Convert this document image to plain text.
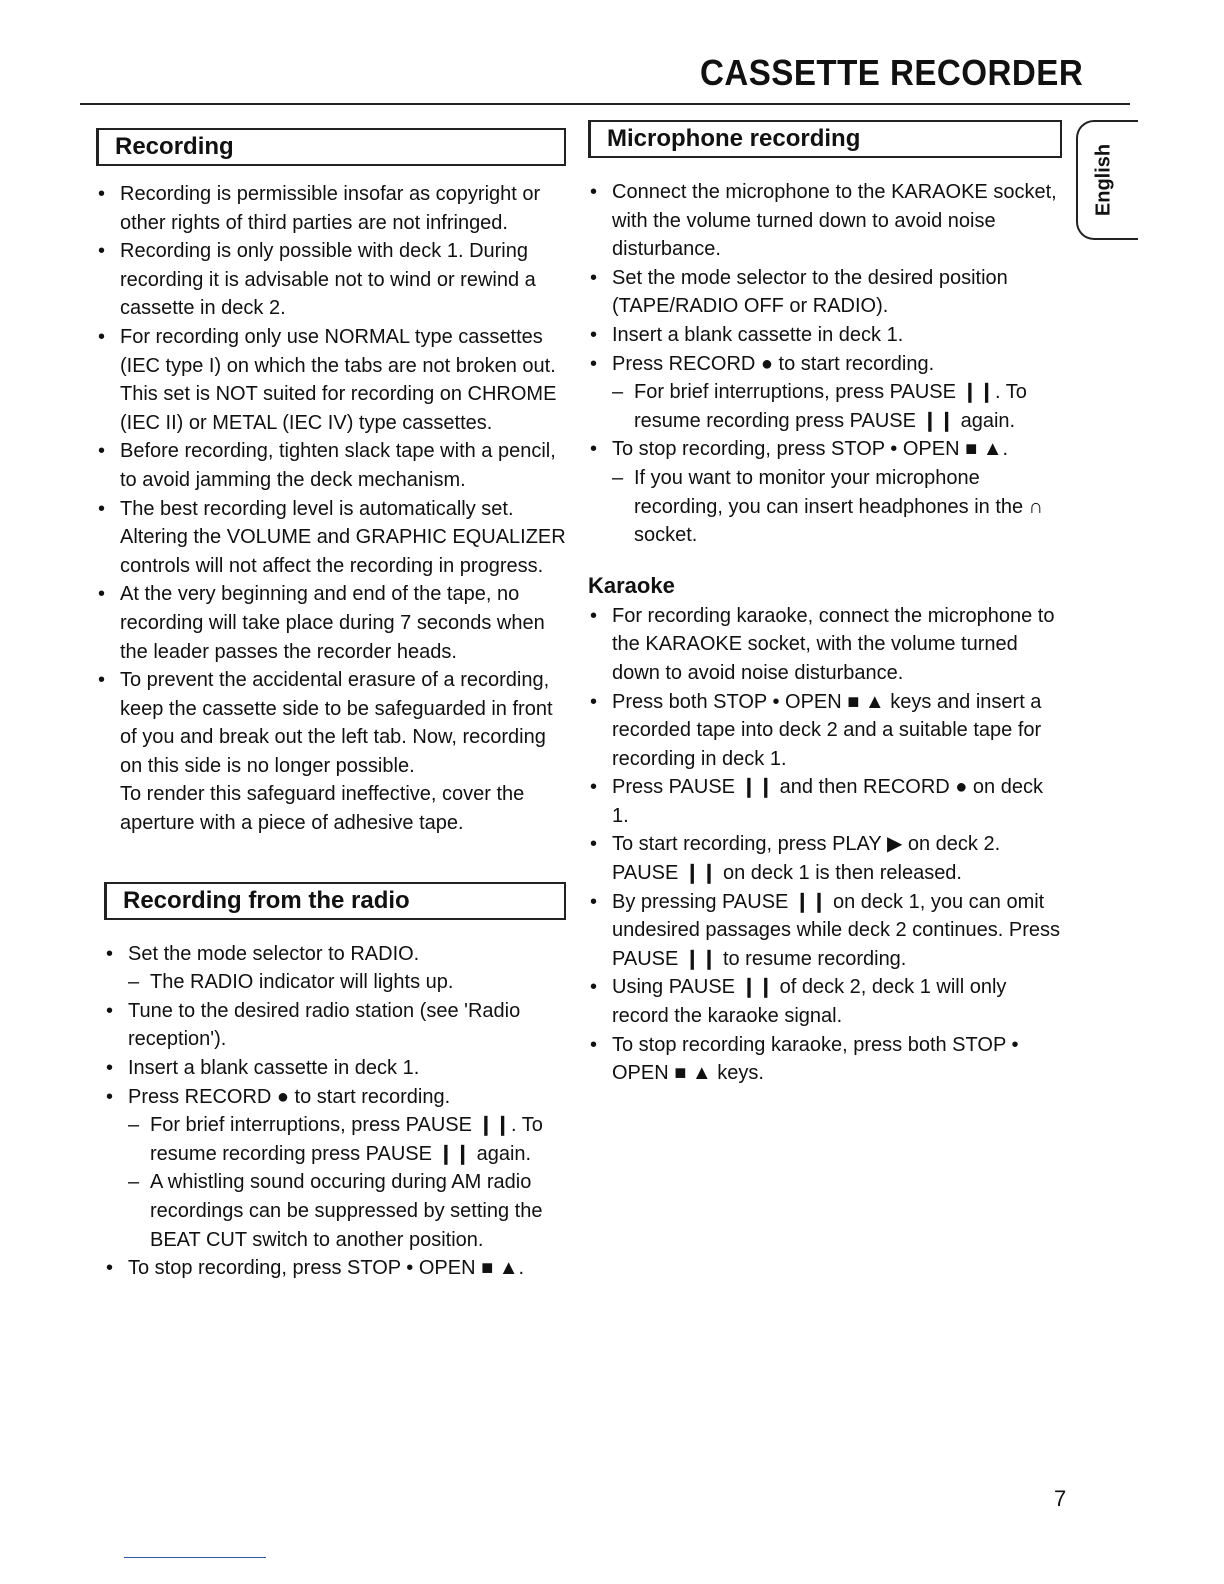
CASSETTE RECORDER
English
Recording
• Recording is permissible insofar as copyright or other rights of third parties are not infringed.
• Recording is only possible with deck 1. During recording it is advisable not to wind or rewind a cassette in deck 2.
• For recording only use NORMAL type cassettes (IEC type I) on which the tabs are not broken out. This set is NOT suited for recording on CHROME (IEC II) or METAL (IEC IV) type cassettes.
• Before recording, tighten slack tape with a pencil, to avoid jamming the deck mechanism.
• The best recording level is automatically set. Altering the VOLUME and GRAPHIC EQUALIZER controls will not affect the recording in progress.
• At the very beginning and end of the tape, no recording will take place during 7 seconds when the leader passes the recorder heads.
• To prevent the accidental erasure of a recording, keep the cassette side to be safeguarded in front of you and break out the left tab. Now, recording on this side is no longer possible.
To render this safeguard ineffective, cover the aperture with a piece of adhesive tape.
Recording from the radio
• Set the mode selector to RADIO.
– The RADIO indicator will lights up.
• Tune to the desired radio station (see 'Radio reception').
• Insert a blank cassette in deck 1.
• Press RECORD ● to start recording.
– For brief interruptions, press PAUSE ❙❙. To resume recording press PAUSE ❙❙ again.
– A whistling sound occuring during AM radio recordings can be suppressed by setting the BEAT CUT switch to another position.
• To stop recording, press STOP • OPEN ■ ▲.
Microphone recording
• Connect the microphone to the KARAOKE socket, with the volume turned down to avoid noise disturbance.
• Set the mode selector to the desired position (TAPE/RADIO OFF or RADIO).
• Insert a blank cassette in deck 1.
• Press RECORD ● to start recording.
– For brief interruptions, press PAUSE ❙❙. To resume recording press PAUSE ❙❙ again.
• To stop recording, press STOP • OPEN ■ ▲.
– If you want to monitor your microphone recording, you can insert headphones in the ∩ socket.
Karaoke
• For recording karaoke, connect the microphone to the KARAOKE socket, with the volume turned down to avoid noise disturbance.
• Press both STOP • OPEN ■ ▲ keys and insert a recorded tape into deck 2 and a suitable tape for recording in deck 1.
• Press PAUSE ❙❙ and then RECORD ● on deck 1.
• To start recording, press PLAY ▶ on deck 2. PAUSE ❙❙ on deck 1 is then released.
• By pressing PAUSE ❙❙ on deck 1, you can omit undesired passages while deck 2 continues. Press PAUSE ❙❙ to resume recording.
• Using PAUSE ❙❙ of deck 2, deck 1 will only record the karaoke signal.
• To stop recording karaoke, press both STOP • OPEN ■ ▲ keys.
7
